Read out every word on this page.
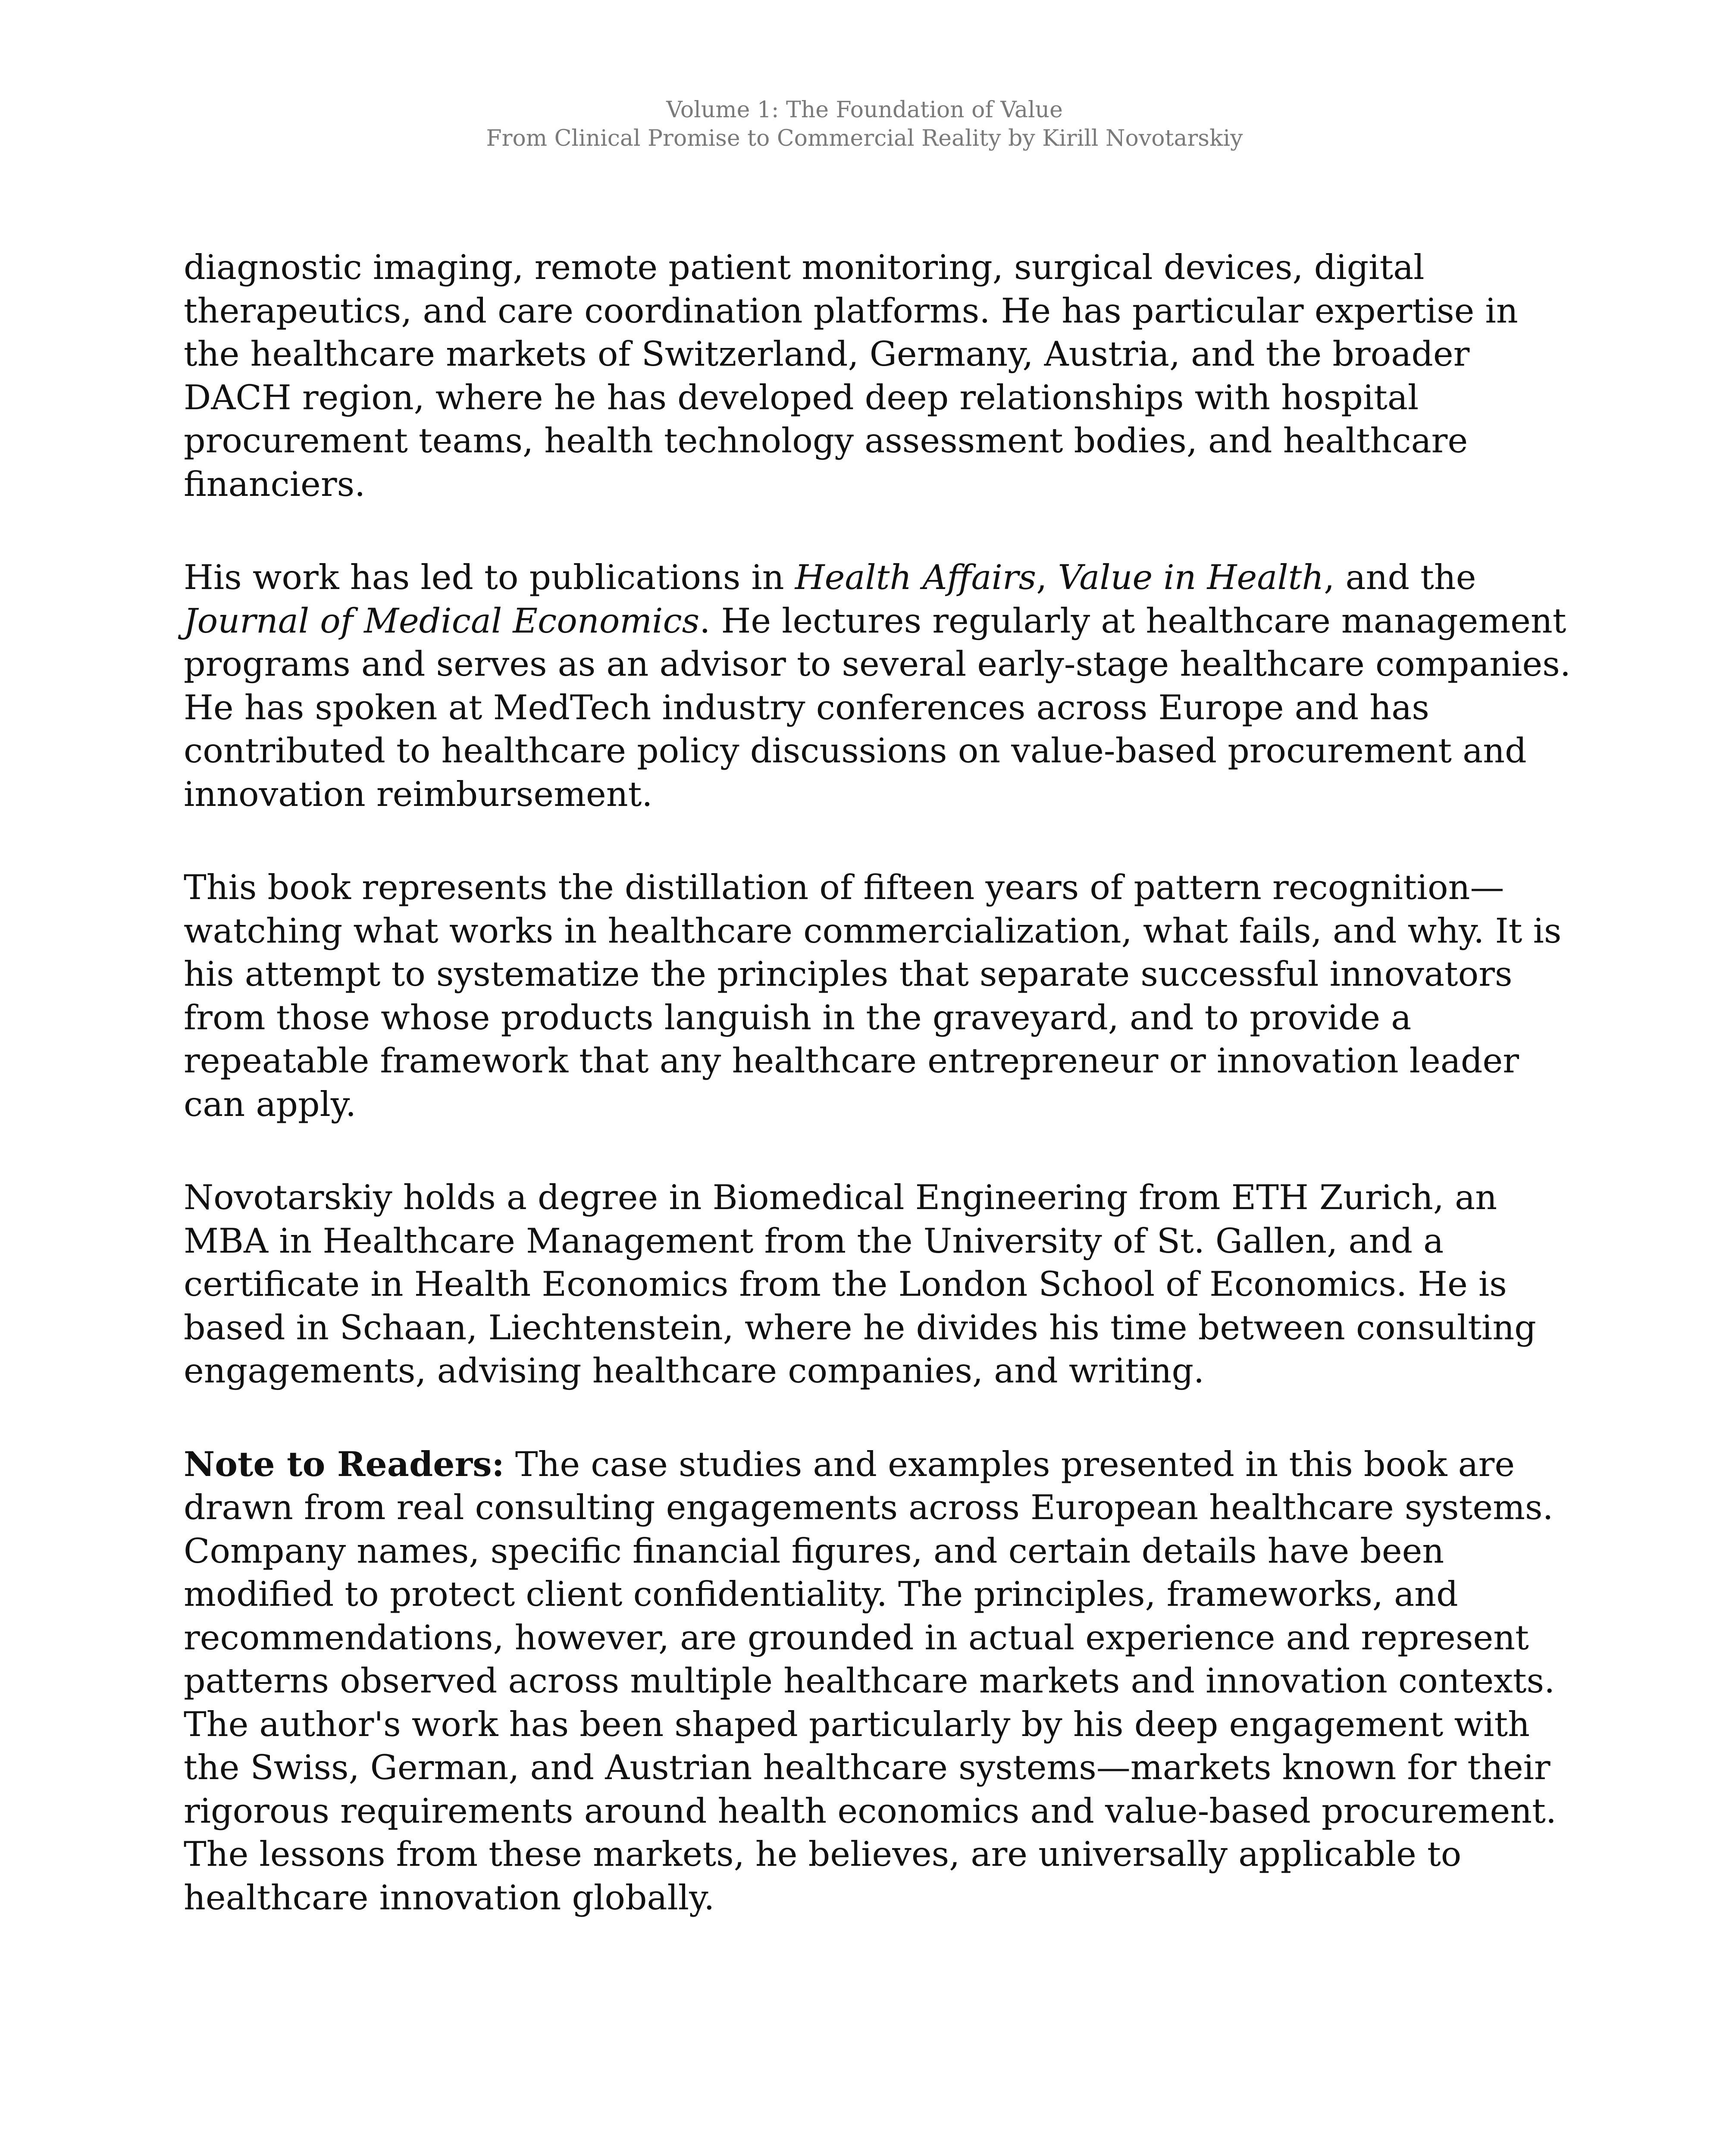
Volume 1: The Foundation of Value
From Clinical Promise to Commercial Reality by Kirill Novotarskiy

diagnostic imaging, remote patient monitoring, surgical devices, digital therapeutics, and care coordination platforms. He has particular expertise in the healthcare markets of Switzerland, Germany, Austria, and the broader DACH region, where he has developed deep relationships with hospital procurement teams, health technology assessment bodies, and healthcare financiers.

His work has led to publications in Health Affairs, Value in Health, and the Journal of Medical Economics. He lectures regularly at healthcare management programs and serves as an advisor to several early-stage healthcare companies. He has spoken at MedTech industry conferences across Europe and has contributed to healthcare policy discussions on value-based procurement and innovation reimbursement.

This book represents the distillation of fifteen years of pattern recognition—watching what works in healthcare commercialization, what fails, and why. It is his attempt to systematize the principles that separate successful innovators from those whose products languish in the graveyard, and to provide a repeatable framework that any healthcare entrepreneur or innovation leader can apply.

Novotarskiy holds a degree in Biomedical Engineering from ETH Zurich, an MBA in Healthcare Management from the University of St. Gallen, and a certificate in Health Economics from the London School of Economics. He is based in Schaan, Liechtenstein, where he divides his time between consulting engagements, advising healthcare companies, and writing.

Note to Readers: The case studies and examples presented in this book are drawn from real consulting engagements across European healthcare systems. Company names, specific financial figures, and certain details have been modified to protect client confidentiality. The principles, frameworks, and recommendations, however, are grounded in actual experience and represent patterns observed across multiple healthcare markets and innovation contexts. The author's work has been shaped particularly by his deep engagement with the Swiss, German, and Austrian healthcare systems—markets known for their rigorous requirements around health economics and value-based procurement. The lessons from these markets, he believes, are universally applicable to healthcare innovation globally.
